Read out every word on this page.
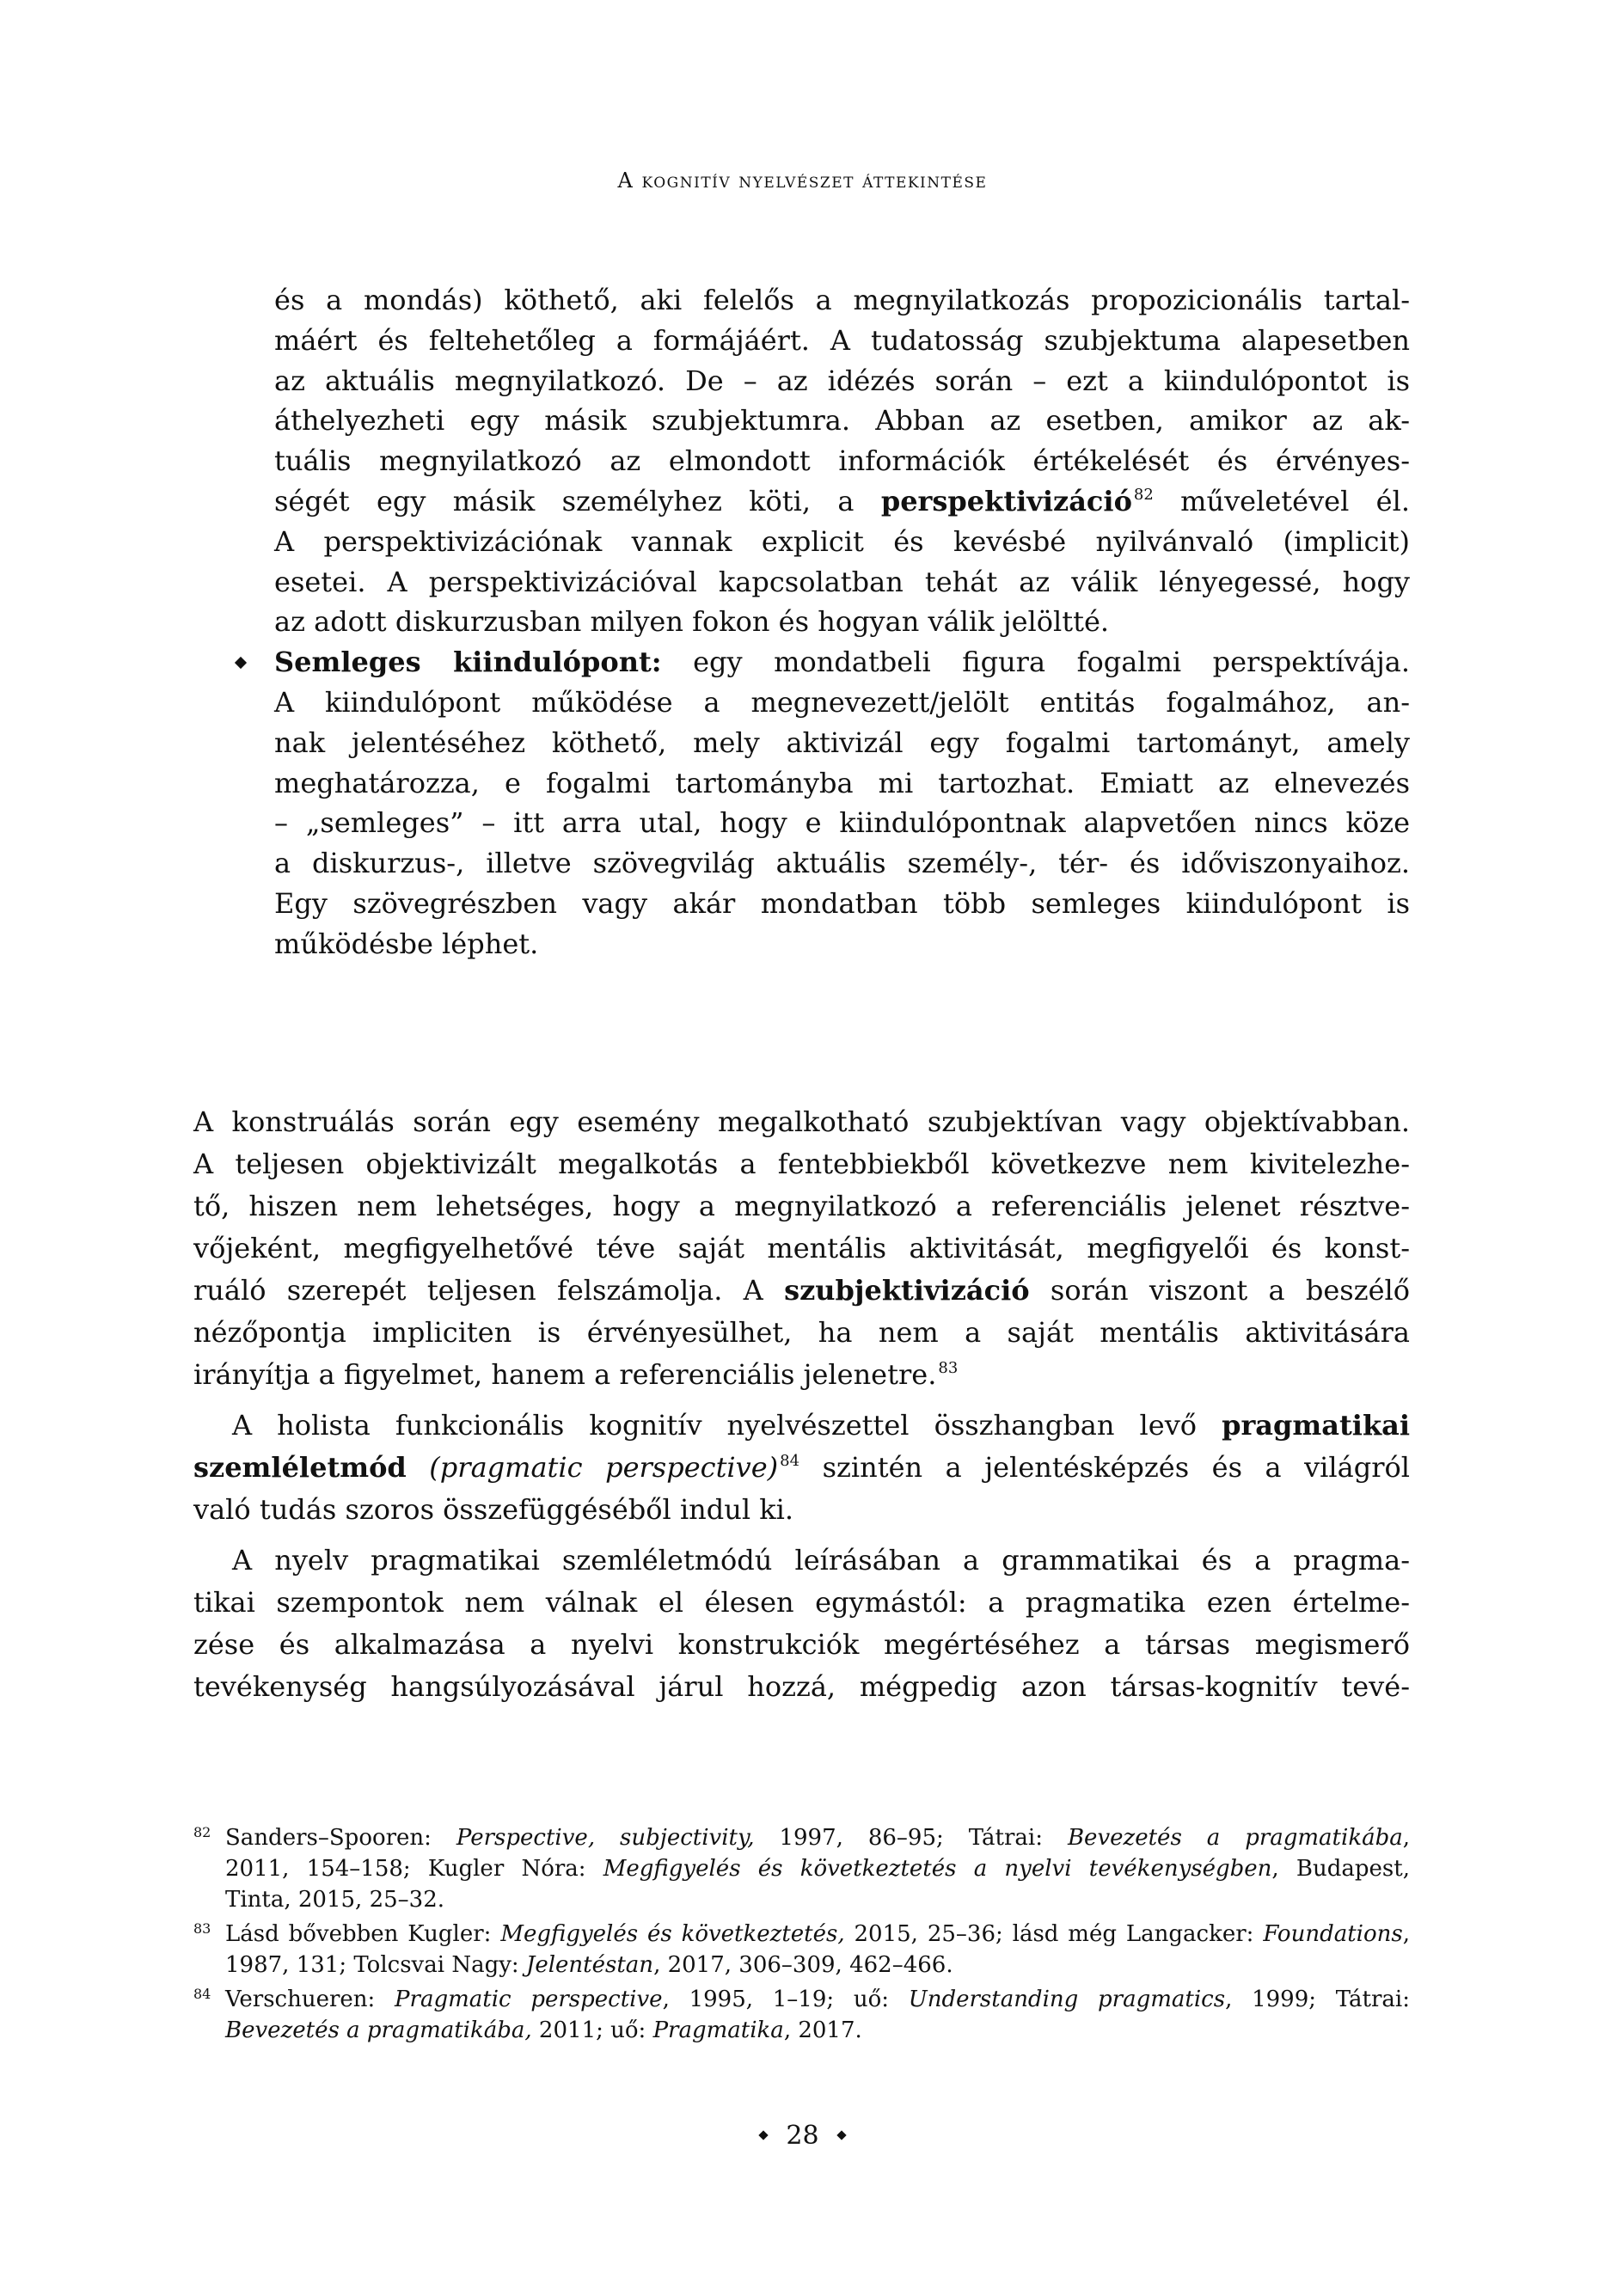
A kognitív nyelvészet áttekintése
és a mondás) köthető, aki felelős a megnyilatkozás propozicionális tartal-
máért és feltehetőleg a formájáért. A tudatosság szubjektuma alapesetben
az aktuális megnyilatkozó. De – az idézés során – ezt a kiindulópontot is
áthelyezheti egy másik szubjektumra. Abban az esetben, amikor az ak-
tuális megnyilatkozó az elmondott információk értékelését és érvényes-
ségét egy másik személyhez köti, a perspektivizáció $^{82}$ műveletével él.
A perspektivizációnak vannak explicit és kevésbé nyilvánvaló (implicit)
esetei. A perspektivizációval kapcsolatban tehát az válik lényegessé, hogy
az adott diskurzusban milyen fokon és hogyan válik jelöltté.
Semleges kiindulópont: egy mondatbeli figura fogalmi perspektívája.
A kiindulópont működése a megnevezett/jelölt entitás fogalmához, an-
nak jelentéséhez köthető, mely aktivizál egy fogalmi tartományt, amely
meghatározza, e fogalmi tartományba mi tartozhat. Emiatt az elnevezés
– „semleges” – itt arra utal, hogy e kiindulópontnak alapvetően nincs köze
a diskurzus-, illetve szövegvilág aktuális személy-, tér- és időviszonyaihoz.
Egy szövegrészben vagy akár mondatban több semleges kiindulópont is
működésbe léphet.
A konstruálás során egy esemény megalkotható szubjektívan vagy objektívabban.
A teljesen objektivizált megalkotás a fentebbiekből következve nem kivitelezhe-
tő, hiszen nem lehetséges, hogy a megnyilatkozó a referenciális jelenet résztve-
vőjeként, megfigyelhetővé téve saját mentális aktivitását, megfigyelői és konst-
ruáló szerepét teljesen felszámolja. A szubjektivizáció során viszont a beszélő
nézőpontja impliciten is érvényesülhet, ha nem a saját mentális aktivitására
irányítja a figyelmet, hanem a referenciális jelenetre. $^{83}$
A holista funkcionális kognitív nyelvészettel összhangban levő pragmatikai
szemléletmód (pragmatic perspective) $^{84}$ szintén a jelentésképzés és a világról
való tudás szoros összefüggéséből indul ki.
A nyelv pragmatikai szemléletmódú leírásában a grammatikai és a pragma-
tikai szempontok nem válnak el élesen egymástól: a pragmatika ezen értelme-
zése és alkalmazása a nyelvi konstrukciók megértéséhez a társas megismerő
tevékenység hangsúlyozásával járul hozzá, mégpedig azon társas-kognitív tevé-
82 Sanders–Spooren: Perspective, subjectivity, 1997, 86–95; Tátrai: Bevezetés a pragmatikába,
2011, 154–158; Kugler Nóra: Megfigyelés és következtetés a nyelvi tevékenységben, Budapest,
Tinta, 2015, 25–32.
83 Lásd bővebben Kugler: Megfigyelés és következtetés, 2015, 25–36; lásd még Langacker: Foundations,
1987, 131; Tolcsvai Nagy: Jelentéstan, 2017, 306–309, 462–466.
84 Verschueren: Pragmatic perspective, 1995, 1–19; uő: Understanding pragmatics, 1999; Tátrai:
Bevezetés a pragmatikába, 2011; uő: Pragmatika, 2017.
28
